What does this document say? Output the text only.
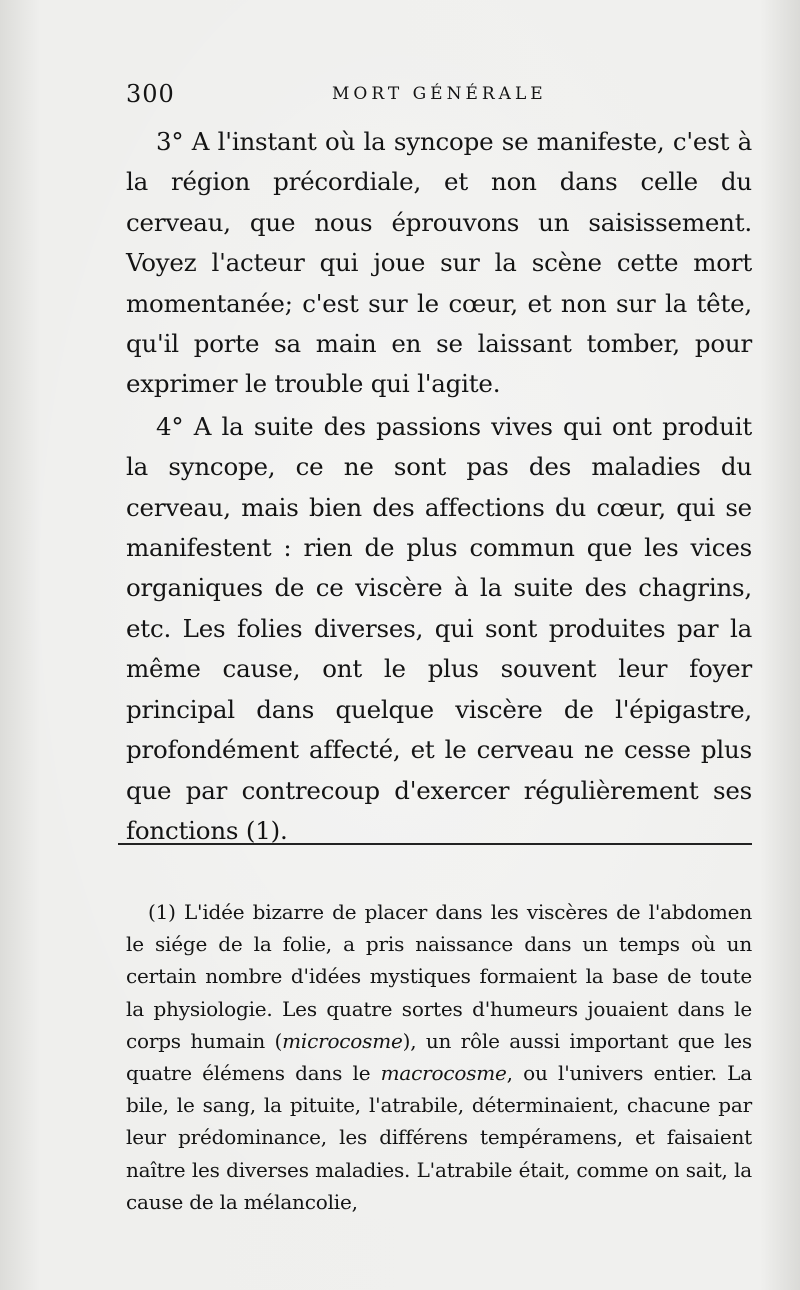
300	MORT GÉNÉRALE

3° A l'instant où la syncope se manifeste, c'est à la région précordiale, et non dans celle du cerveau, que nous éprouvons un saisissement. Voyez l'acteur qui joue sur la scène cette mort momentanée; c'est sur le cœur, et non sur la tête, qu'il porte sa main en se laissant tomber, pour exprimer le trouble qui l'agite.

4° A la suite des passions vives qui ont produit la syncope, ce ne sont pas des maladies du cerveau, mais bien des affections du cœur, qui se manifestent : rien de plus commun que les vices organiques de ce viscère à la suite des chagrins, etc. Les folies diverses, qui sont produites par la même cause, ont le plus souvent leur foyer principal dans quelque viscère de l'épigastre, profondément affecté, et le cerveau ne cesse plus que par contrecoup d'exercer régulièrement ses fonctions (1).

(1) L'idée bizarre de placer dans les viscères de l'abdomen le siége de la folie, a pris naissance dans un temps où un certain nombre d'idées mystiques formaient la base de toute la physiologie. Les quatre sortes d'humeurs jouaient dans le corps humain (microcosme), un rôle aussi important que les quatre élémens dans le macrocosme, ou l'univers entier. La bile, le sang, la pituite, l'atrabile, déterminaient, chacune par leur prédominance, les différens tempéramens, et faisaient naître les diverses maladies. L'atrabile était, comme on sait, la cause de la mélancolie,
